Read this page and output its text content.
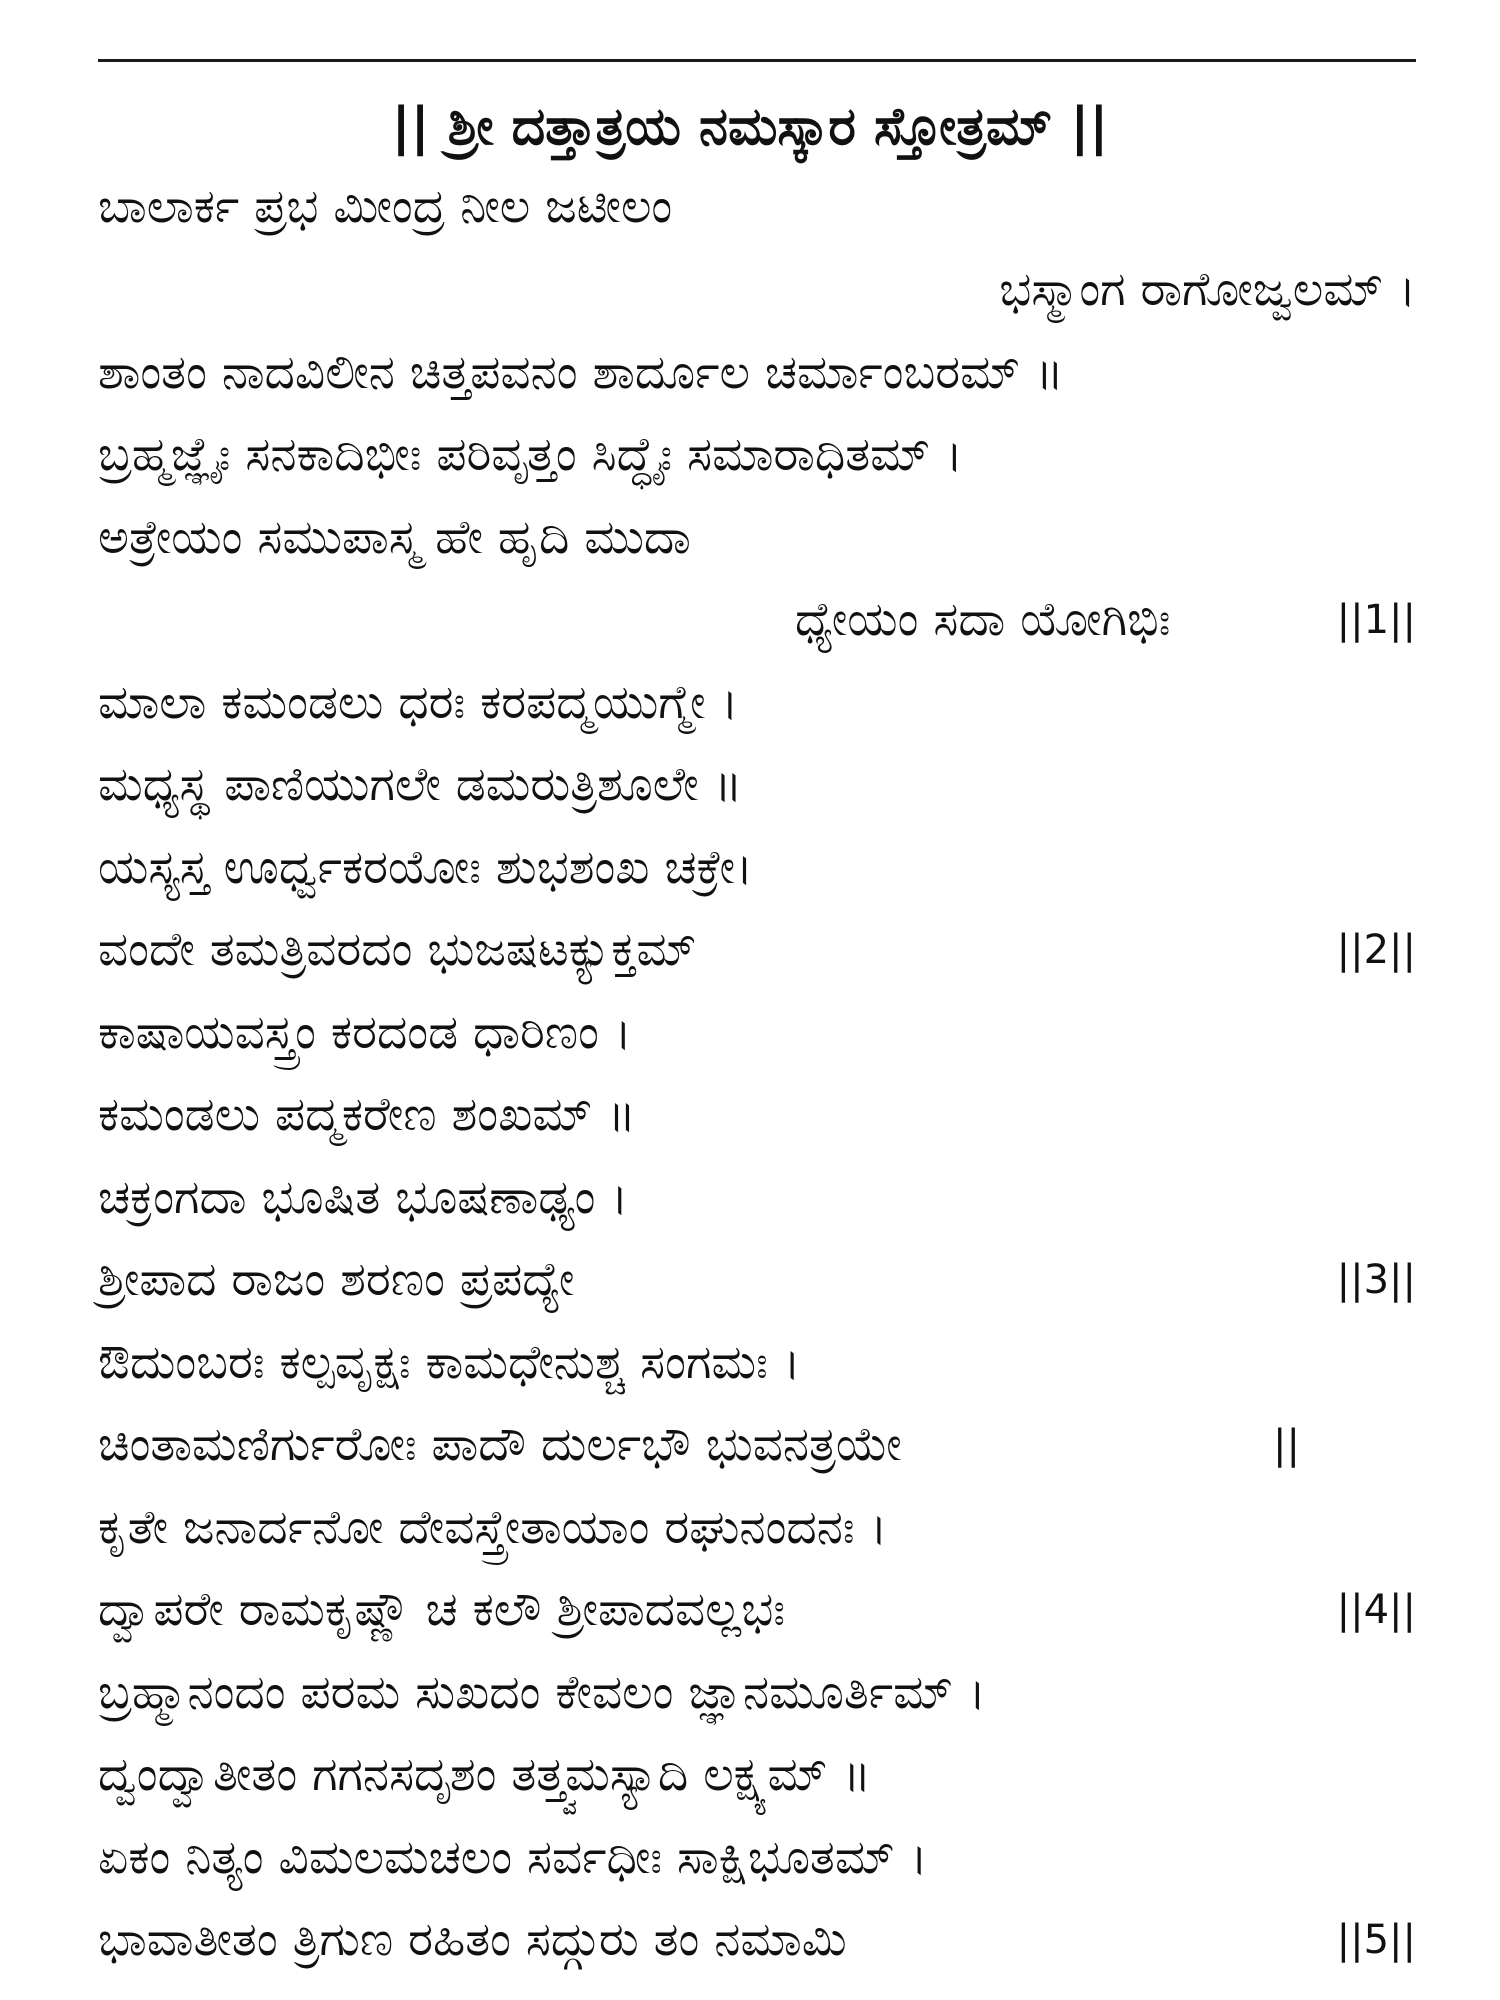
|| ಶ್ರೀ ದತ್ತಾತ್ರಯ ನಮಸ್ಕಾರ ಸ್ತೋತ್ರಮ್ ||
ಬಾಲಾರ್ಕ ಪ್ರಭ ಮೀಂದ್ರ ನೀಲ ಜಟೀಲಂ
ಭಸ್ಮಾಂಗ ರಾಗೋಜ್ವಲಮ್ ।
ಶಾಂತಂ ನಾದವಿಲೀನ ಚಿತ್ತಪವನಂ ಶಾರ್ದೂಲ ಚರ್ಮಾಂಬರಮ್ ॥
ಬ್ರಹ್ಮಜ್ಞೈಃ ಸನಕಾದಿಭೀಃ ಪರಿವೃತ್ತಂ ಸಿದ್ಧೈಃ ಸಮಾರಾಧಿತಮ್ ।
ಅತ್ರೇಯಂ ಸಮುಪಾಸ್ಮ ಹೇ ಹೃದಿ ಮುದಾ
ಧ್ಯೇಯಂ ಸದಾ ಯೋಗಿಭಿಃ	||1||
ಮಾಲಾ ಕಮಂಡಲು ಧರಃ ಕರಪದ್ಮಯುಗ್ಮೇ ।
ಮಧ್ಯಸ್ಥ ಪಾಣಿಯುಗಲೇ ಡಮರುತ್ರಿಶೂಲೇ ॥
ಯಸ್ಯಸ್ತ ಊರ್ಧ್ವಕರಯೋಃ ಶುಭಶಂಖ ಚಕ್ರೇ।
ವಂದೇ ತಮತ್ರಿವರದಂ ಭುಜಷಟಕ್ಯುಕ್ತಮ್	||2||
ಕಾಷಾಯವಸ್ತ್ರಂ ಕರದಂಡ ಧಾರಿಣಂ ।
ಕಮಂಡಲು ಪದ್ಮಕರೇಣ ಶಂಖಮ್ ॥
ಚಕ್ರಂಗದಾ ಭೂಷಿತ ಭೂಷಣಾಢ್ಯಂ ।
ಶ್ರೀಪಾದ ರಾಜಂ ಶರಣಂ ಪ್ರಪದ್ಯೇ	||3||
ಔದುಂಬರಃ ಕಲ್ಪವೃಕ್ಷಃ ಕಾಮಧೇನುಶ್ಚ ಸಂಗಮಃ ।
ಚಿಂತಾಮಣಿರ್ಗುರೋಃ ಪಾದೌ ದುರ್ಲಭೌ ಭುವನತ್ರಯೇ	||
ಕೃತೇ ಜನಾರ್ದನೋ ದೇವಸ್ತ್ರೇತಾಯಾಂ ರಘುನಂದನಃ ।
ದ್ವಾಪರೇ ರಾಮಕೃಷ್ಣೌ ಚ ಕಲೌ ಶ್ರೀಪಾದವಲ್ಲಭಃ	||4||
ಬ್ರಹ್ಮಾನಂದಂ ಪರಮ ಸುಖದಂ ಕೇವಲಂ ಜ್ಞಾನಮೂರ್ತಿಮ್ ।
ದ್ವಂದ್ವಾತೀತಂ ಗಗನಸದೃಶಂ ತತ್ತ್ವಮಸ್ಯಾದಿ ಲಕ್ಷ್ಯಮ್ ॥
ಏಕಂ ನಿತ್ಯಂ ವಿಮಲಮಚಲಂ ಸರ್ವಧೀಃ ಸಾಕ್ಷಿಭೂತಮ್ ।
ಭಾವಾತೀತಂ ತ್ರಿಗುಣ ರಹಿತಂ ಸದ್ಗುರು ತಂ ನಮಾಮಿ	||5||
